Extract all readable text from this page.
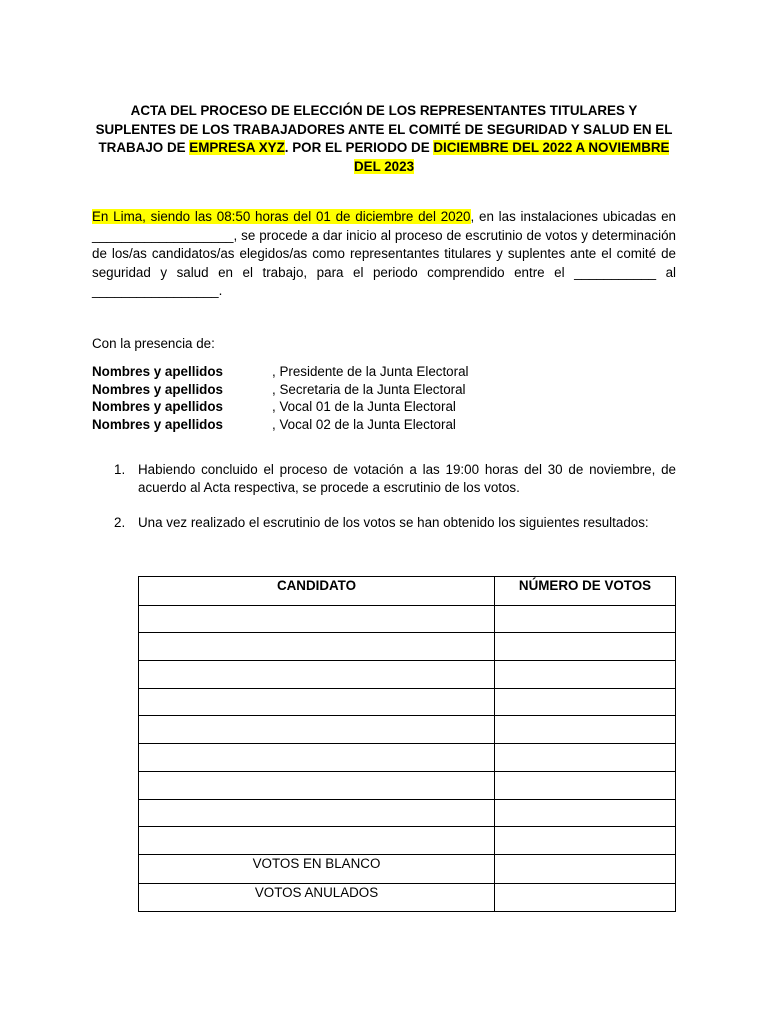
ACTA DEL PROCESO DE ELECCIÓN DE LOS REPRESENTANTES TITULARES Y SUPLENTES DE LOS TRABAJADORES ANTE EL COMITÉ DE SEGURIDAD Y SALUD EN EL TRABAJO DE EMPRESA XYZ. POR EL PERIODO DE DICIEMBRE DEL 2022 A NOVIEMBRE DEL 2023
En Lima, siendo las 08:50 horas del 01 de diciembre del 2020, en las instalaciones ubicadas en ___________________, se procede a dar inicio al proceso de escrutinio de votos y determinación de los/as candidatos/as elegidos/as como representantes titulares y suplentes ante el comité de seguridad y salud en el trabajo, para el periodo comprendido entre el ___________ al _________________.
Con la presencia de:
Nombres y apellidos	, Presidente de la Junta Electoral
Nombres y apellidos	, Secretaria de la Junta Electoral
Nombres y apellidos	, Vocal 01 de la Junta Electoral
Nombres y apellidos	, Vocal 02 de la Junta Electoral
1. Habiendo concluido el proceso de votación a las 19:00 horas del 30 de noviembre, de acuerdo al Acta respectiva, se procede a escrutinio de los votos.
2. Una vez realizado el escrutinio de los votos se han obtenido los siguientes resultados:
CANDIDATO	NÚMERO DE VOTOS

VOTOS EN BLANCO	
VOTOS ANULADOS	
